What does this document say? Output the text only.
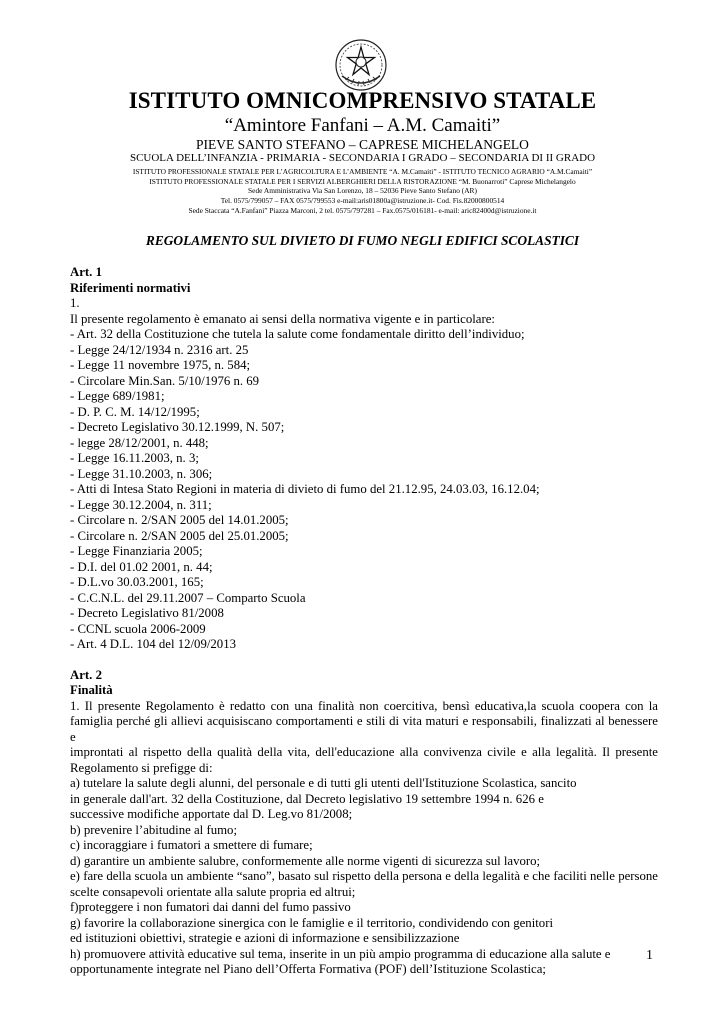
ISTITUTO OMNICOMPRENSIVO STATALE
“Amintore Fanfani – A.M. Camaiti”
PIEVE SANTO STEFANO – CAPRESE MICHELANGELO
SCUOLA DELL’INFANZIA - PRIMARIA - SECONDARIA I GRADO – SECONDARIA DI II GRADO
ISTITUTO PROFESSIONALE STATALE PER L’AGRICOLTURA E L’AMBIENTE “A. M.Camaiti” - ISTITUTO TECNICO AGRARIO “A.M.Camaiti”
ISTITUTO PROFESSIONALE STATALE PER I SERVIZI ALBERGHIERI DELLA RISTORAZIONE “M. Buonarroti” Caprese Michelangelo
Sede Amministrativa Via San Lorenzo, 18 – 52036 Pieve Santo Stefano (AR)
Tel. 0575/799057 – FAX 0575/799553 e-mail:aris01800a@istruzione.it- Cod. Fis.82000800514
Sede Staccata “A.Fanfani” Piazza Marconi, 2 tel. 0575/797281 – Fax.0575/016181- e-mail: aric82400d@istruzione.it
REGOLAMENTO SUL DIVIETO DI FUMO NEGLI EDIFICI SCOLASTICI
Art. 1
Riferimenti normativi
1.
Il presente regolamento è emanato ai sensi della normativa vigente e in particolare:
- Art. 32 della Costituzione che tutela la salute come fondamentale diritto dell’individuo;
- Legge 24/12/1934 n. 2316 art. 25
- Legge 11 novembre 1975, n. 584;
- Circolare Min.San. 5/10/1976 n. 69
- Legge 689/1981;
- D. P. C. M. 14/12/1995;
- Decreto Legislativo 30.12.1999, N. 507;
- legge 28/12/2001, n. 448;
- Legge 16.11.2003, n. 3;
- Legge 31.10.2003, n. 306;
- Atti di Intesa Stato Regioni in materia di divieto di fumo del 21.12.95, 24.03.03, 16.12.04;
- Legge 30.12.2004, n. 311;
- Circolare n. 2/SAN 2005 del 14.01.2005;
- Circolare n. 2/SAN 2005 del 25.01.2005;
- Legge Finanziaria 2005;
- D.I. del 01.02 2001, n. 44;
- D.L.vo 30.03.2001, 165;
- C.C.N.L. del 29.11.2007 – Comparto Scuola
- Decreto Legislativo 81/2008
- CCNL scuola 2006-2009
- Art. 4 D.L. 104 del 12/09/2013
Art. 2
Finalità
1. Il presente Regolamento è redatto con una finalità non coercitiva, bensì educativa,la scuola coopera con la
famiglia perché gli allievi acquisiscano comportamenti e stili di vita maturi e responsabili, finalizzati al benessere e
improntati al rispetto della qualità della vita, dell'educazione alla convivenza civile e alla legalità. Il presente
Regolamento si prefigge di:
a) tutelare la salute degli alunni, del personale e di tutti gli utenti dell'Istituzione Scolastica, sancito
in generale dall'art. 32 della Costituzione, dal Decreto legislativo 19 settembre 1994 n. 626 e
successive modifiche apportate dal D. Leg.vo 81/2008;
b) prevenire l’abitudine al fumo;
c) incoraggiare i fumatori a smettere di fumare;
d) garantire un ambiente salubre, conformemente alle norme vigenti di sicurezza sul lavoro;
e) fare della scuola un ambiente “sano”, basato sul rispetto della persona e della legalità e che faciliti nelle persone
scelte consapevoli orientate alla salute propria ed altrui;
f)proteggere i non fumatori dai danni del fumo passivo
g) favorire la collaborazione sinergica con le famiglie e il territorio, condividendo con genitori
ed istituzioni obiettivi, strategie e azioni di informazione e sensibilizzazione
h) promuovere attività educative sul tema, inserite in un più ampio programma di educazione alla salute e
opportunamente integrate nel Piano dell’Offerta Formativa (POF) dell’Istituzione Scolastica;
1
